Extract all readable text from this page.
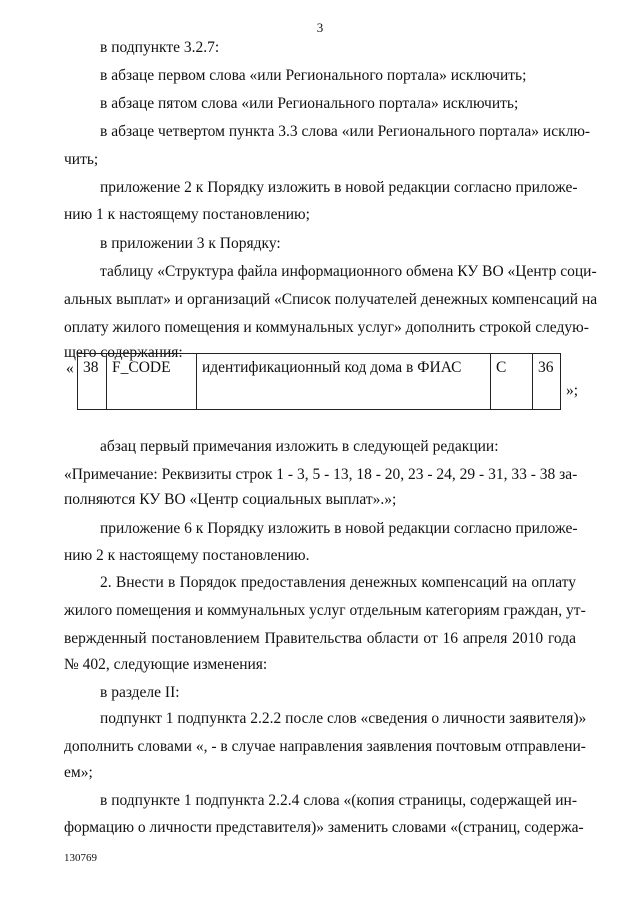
3
в подпункте 3.2.7:
в абзаце первом слова «или Регионального портала» исключить;
в абзаце пятом слова «или Регионального портала» исключить;
в абзаце четвертом пункта 3.3 слова «или Регионального портала» исклю-
чить;
приложение 2 к Порядку изложить в новой редакции согласно приложе-
нию 1 к настоящему постановлению;
в приложении 3 к Порядку:
таблицу «Структура файла информационного обмена КУ ВО «Центр соци-
альных выплат» и организаций «Список получателей денежных компенсаций на
оплату жилого помещения и коммунальных услуг» дополнить строкой следую-
щего содержания:
« 38 F_CODE	идентификационный код дома в ФИАС	С	36
»;
абзац первый примечания изложить в следующей редакции:
«Примечание: Реквизиты строк 1 - 3, 5 - 13, 18 - 20, 23 - 24, 29 - 31, 33 - 38 за-
полняются КУ ВО «Центр социальных выплат».»;
приложение 6 к Порядку изложить в новой редакции согласно приложе-
нию 2 к настоящему постановлению.
2. Внести в Порядок предоставления денежных компенсаций на оплату
жилого помещения и коммунальных услуг отдельным категориям граждан, ут-
вержденный постановлением Правительства области от 16 апреля 2010 года
№ 402, следующие изменения:
в разделе II:
подпункт 1 подпункта 2.2.2 после слов «сведения о личности заявителя)»
дополнить словами «, - в случае направления заявления почтовым отправлени-
ем»;
в подпункте 1 подпункта 2.2.4 слова «(копия страницы, содержащей ин-
формацию о личности представителя)» заменить словами «(страниц, содержа-
130769
